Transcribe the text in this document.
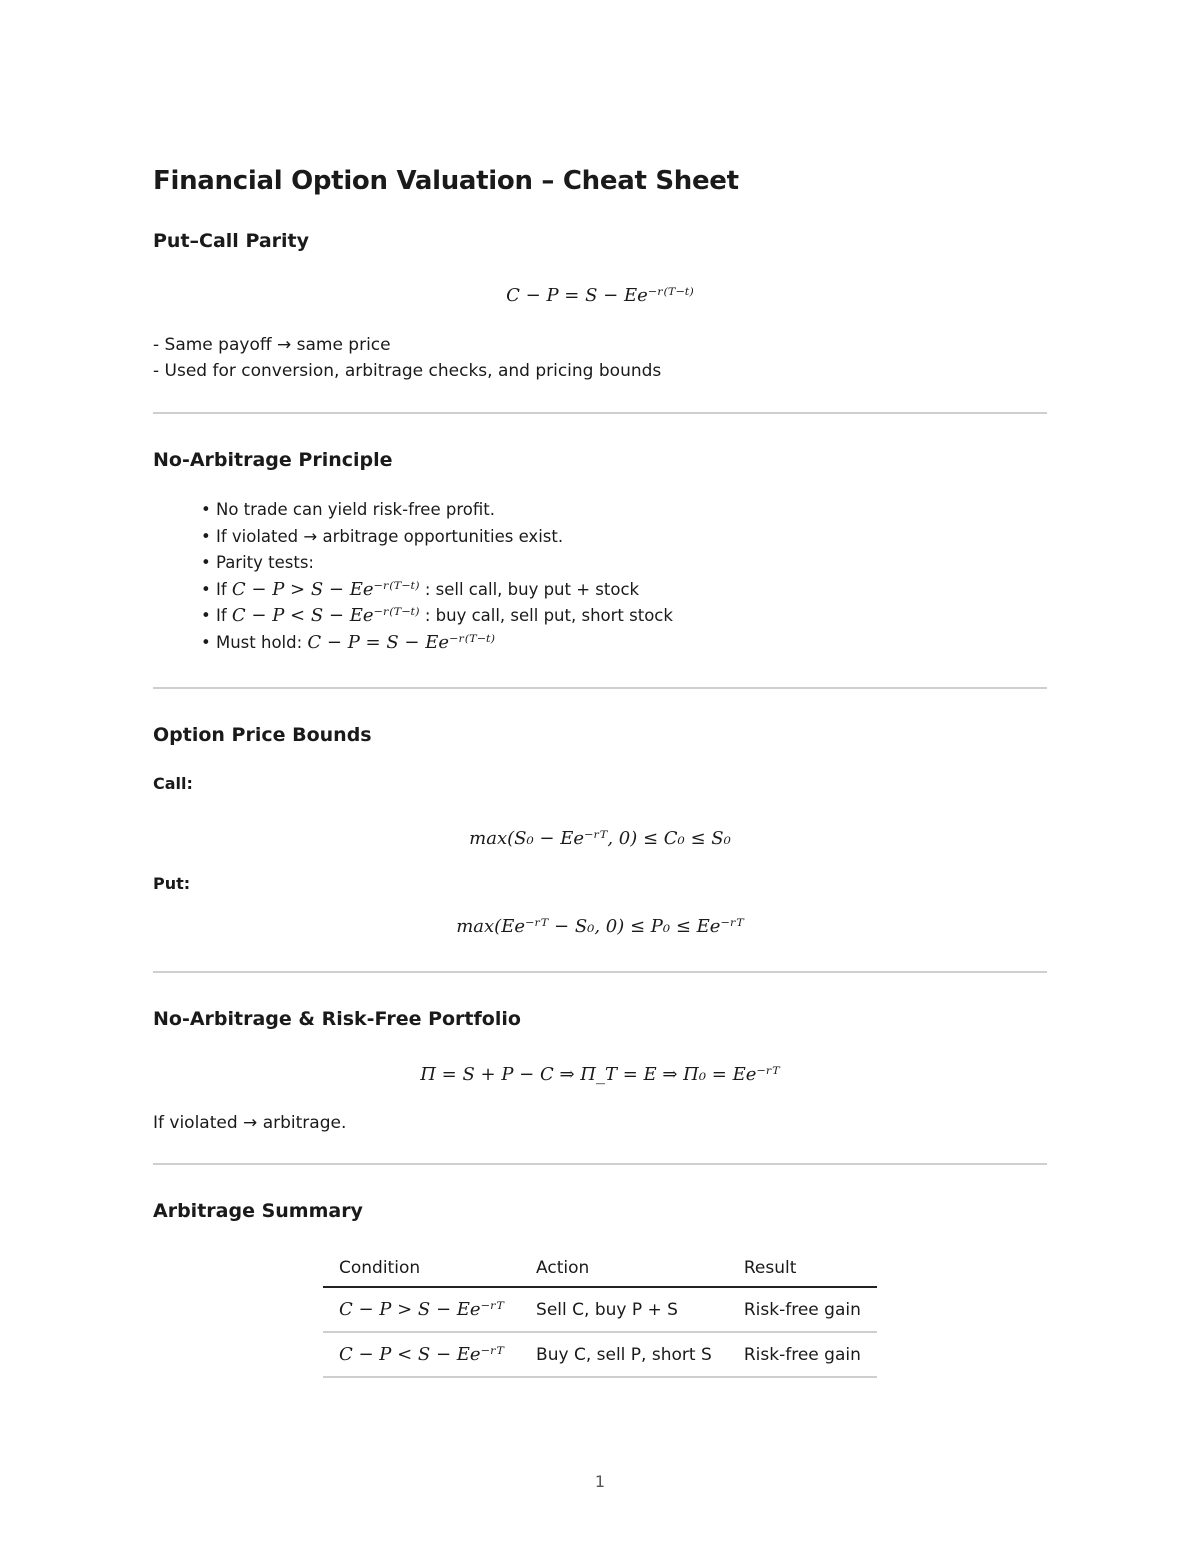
Financial Option Valuation – Cheat Sheet
Put–Call Parity
C − P = S − Ee⁻ʳ⁽ᵀ⁻ᵗ⁾

- Same payoff → same price

- Used for conversion, arbitrage checks, and pricing bounds

No-Arbitrage Principle
• No trade can yield risk-free profit.
• If violated → arbitrage opportunities exist.
• Parity tests:
• If C − P > S − Ee⁻ʳ⁽ᵀ⁻ᵗ⁾ : sell call, buy put + stock
• If C − P < S − Ee⁻ʳ⁽ᵀ⁻ᵗ⁾ : buy call, sell put, short stock
• Must hold: C − P = S − Ee⁻ʳ⁽ᵀ⁻ᵗ⁾
Option Price Bounds

Call:

max(S₀ − Ee⁻ʳᵀ, 0) ≤ C₀ ≤ S₀

Put:

max(Ee⁻ʳᵀ − S₀, 0) ≤ P₀ ≤ Ee⁻ʳᵀ
No-Arbitrage & Risk-Free Portfolio
Π = S + P − C ⇒ Π_T = E ⇒ Π₀ = Ee⁻ʳᵀ

If violated → arbitrage.

Arbitrage Summary
Condition	Action	Result
C − P > S − Ee⁻ʳᵀ	Sell C, buy P + S	Risk-free gain
C − P < S − Ee⁻ʳᵀ	Buy C, sell P, short S	Risk-free gain
1
